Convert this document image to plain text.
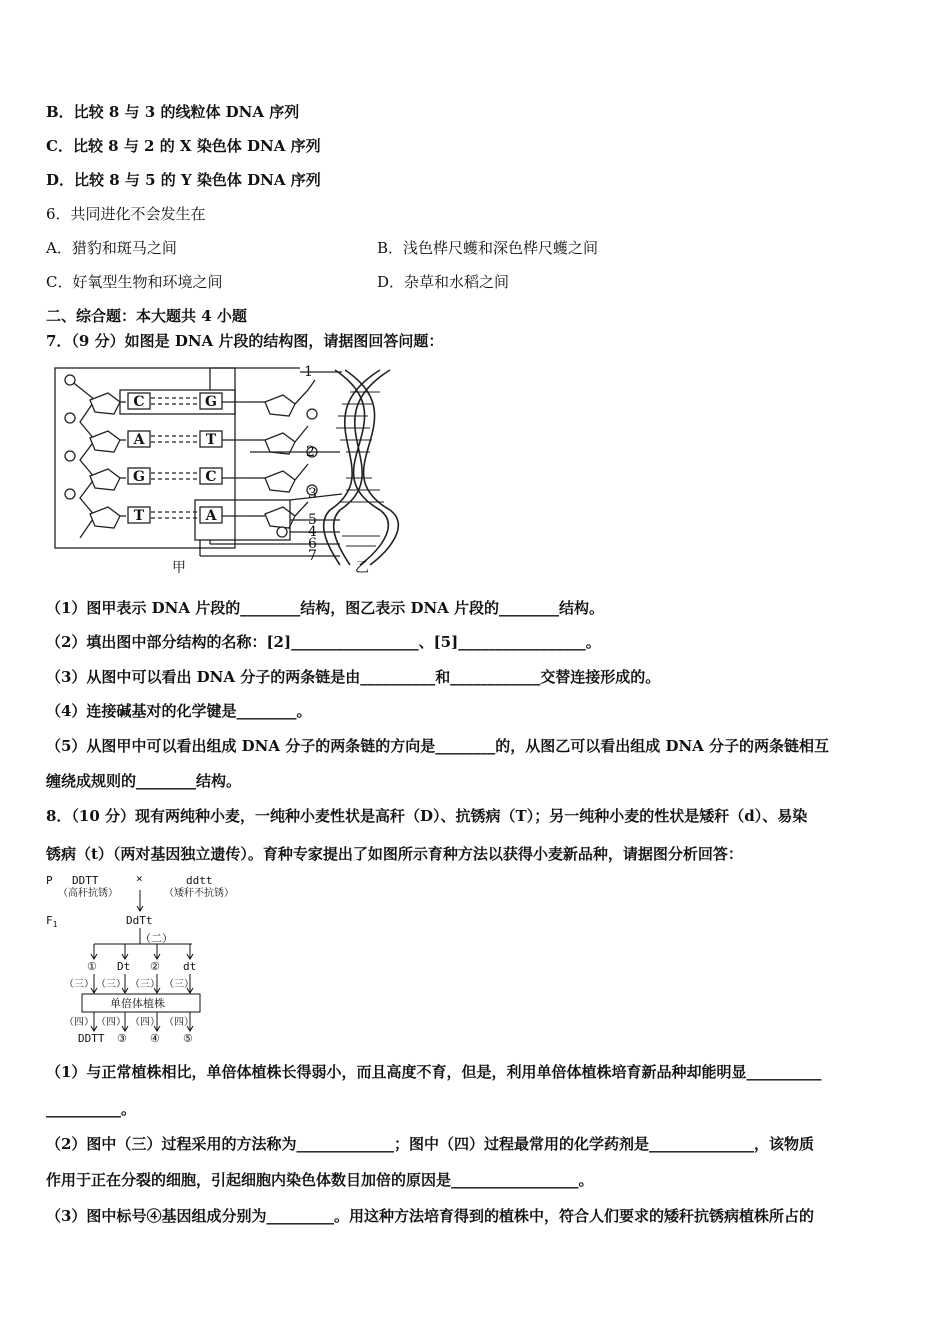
B．比较 8 与 3 的线粒体 DNA 序列
C．比较 8 与 2 的 X 染色体 DNA 序列
D．比较 8 与 5 的 Y 染色体 DNA 序列
6．共同进化不会发生在
A．猎豹和斑马之间	B．浅色桦尺蠖和深色桦尺蠖之间
C．好氧型生物和环境之间	D．杂草和水稻之间
二、综合题：本大题共 4 小题
7．（9 分）如图是 DNA 片段的结构图，请据图回答问题：
C
A
G
T
G
T
C
A
1
2
3
5
4
6
7
甲	乙
（1）图甲表示 DNA 片段的________结构，图乙表示 DNA 片段的________结构。
（2）填出图中部分结构的名称：[2]_________________、[5]_________________。
（3）从图中可以看出 DNA 分子的两条链是由__________和____________交替连接形成的。
（4）连接碱基对的化学键是________。
（5）从图甲中可以看出组成 DNA 分子的两条链的方向是________的，从图乙可以看出组成 DNA 分子的两条链相互
缠绕成规则的________结构。
8．（10 分）现有两纯种小麦，一纯种小麦性状是高秆（D）、抗锈病（T）；另一纯种小麦的性状是矮秆（d）、易染
锈病（t）（两对基因独立遗传）。育种专家提出了如图所示育种方法以获得小麦新品种，请据图分析回答：
P DDTT
（高秆抗锈）
×	ddtt
（矮秆不抗锈）
$F_1$	DdTt
（二）
① Dt ② dt
（三） （三） （三） （三）
单倍体植株
（四） （四） （四） （四）
DDTT ③ ④ ⑤
（1）与正常植株相比，单倍体植株长得弱小，而且高度不育，但是，利用单倍体植株培育新品种却能明显__________
__________。
（2）图中（三）过程采用的方法称为_____________；图中（四）过程最常用的化学药剂是______________，该物质
作用于正在分裂的细胞，引起细胞内染色体数目加倍的原因是_________________。
（3）图中标号④基因组成分别为_________。用这种方法培育得到的植株中，符合人们要求的矮秆抗锈病植株所占的
